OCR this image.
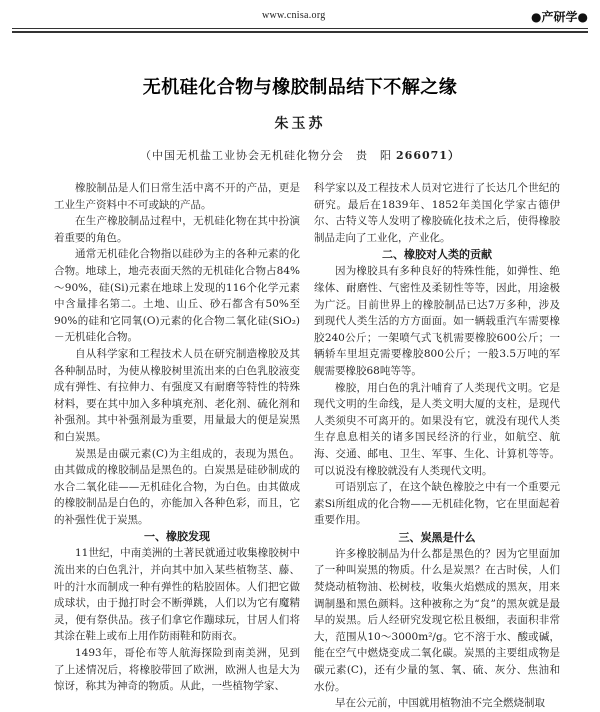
www.cnisa.org	●产研学●
无机硅化合物与橡胶制品结下不解之缘
朱玉苏
（中国无机盐工业协会无机硅化物分会　贵　阳 266071）

橡胶制品是人们日常生活中离不开的产品，更是工业生产资料中不可或缺的产品。

在生产橡胶制品过程中，无机硅化物在其中扮演着重要的角色。

通常无机硅化合物指以硅砂为主的各种元素的化合物。地球上，地壳表面天然的无机硅化合物占84%～90%，硅(Si)元素在地球上发现的116个化学元素中含量排名第二。土地、山丘、砂石都含有50%至90%的硅和它同氧(O)元素的化合物二氧化硅(SiO₂)－无机硅化合物。

自从科学家和工程技术人员在研究制造橡胶及其各种制品时，为使从橡胶树里流出来的白色乳胶液变成有弹性、有拉伸力、有强度又有耐磨等特性的特殊材料，要在其中加入多种填充剂、老化剂、硫化剂和补强剂。其中补强剂最为重要，用量最大的便是炭黑和白炭黑。

炭黑是由碳元素(C)为主组成的，表现为黑色。由其做成的橡胶制品是黑色的。白炭黑是硅砂制成的水合二氧化硅——无机硅化合物，为白色。由其做成的橡胶制品是白色的，亦能加入各种色彩，而且，它的补强性优于炭黑。

一、橡胶发现

11世纪，中南美洲的土著民就通过收集橡胶树中流出来的白色乳汁，并向其中加入某些植物茎、藤、叶的汁水而制成一种有弹性的粘胶固体。人们把它做成球状，由于抛打时会不断弹跳，人们以为它有魔精灵，便有祭供品。孩子们拿它作蹦球玩，甘居人们将其涂在鞋上或布上用作防雨鞋和防雨衣。

1493年，哥伦布等人航海探险到南美洲，见到了上述情况后，将橡胶带回了欧洲，欧洲人也是大为惊讶，称其为神奇的物质。从此，一些植物学家、

科学家以及工程技术人员对它进行了长达几个世纪的研究。最后在1839年、1852年美国化学家古德伊尔、古特义等人发明了橡胶硫化技术之后，使得橡胶制品走向了工业化，产业化。

二、橡胶对人类的贡献

因为橡胶具有多种良好的特殊性能，如弹性、绝缘体、耐磨性、气密性及柔韧性等等，因此，用途极为广泛。目前世界上的橡胶制品已达7万多种，涉及到现代人类生活的方方面面。如一辆载重汽车需要橡胶240公斤；一架喷气式飞机需要橡胶600公斤；一辆轿车里坦克需要橡胶800公斤；一般3.5万吨的军舰需要橡胶68吨等等。

橡胶，用白色的乳汁哺育了人类现代文明。它是现代文明的生命线，是人类文明大厦的支柱，是现代人类须臾不可离开的。如果没有它，就没有现代人类生存息息相关的诸多国民经济的行业，如航空、航海、交通、邮电、卫生、军事、生化、计算机等等。可以说没有橡胶就没有人类现代文明。

可语别忘了，在这个缺色橡胶之中有一个重要元素Si所组成的化合物——无机硅化物，它在里面起着重要作用。

三、炭黑是什么

许多橡胶制品为什么都是黑色的？因为它里面加了一种叫炭黑的物质。什么是炭黑？在古时侯，人们焚烧动植物油、松树枝，收集火焰燃成的黑灰，用来调制墨和黑色颜料。这种被称之为“炱”的黑灰就是最早的炭黑。后人经研究发现它松且极细，表面积非常大，范围从10～3000m²/g。它不溶于水、酸或碱，能在空气中燃烧变成二氧化碳。炭黑的主要组成物是碳元素(C)，还有少量的氢、氧、硫、灰分、焦油和水份。

早在公元前，中国就用植物油不完全燃烧制取
